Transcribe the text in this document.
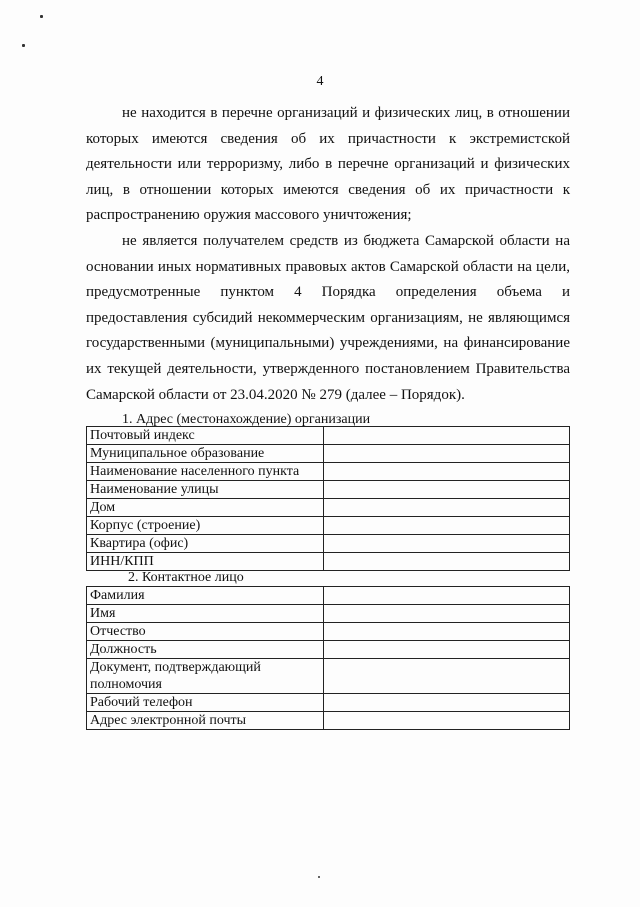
4

не находится в перечне организаций и физических лиц, в отношении которых имеются сведения об их причастности к экстремистской деятельности или терроризму, либо в перечне организаций и физических лиц, в отношении которых имеются сведения об их причастности к распространению оружия массового уничтожения;

не является получателем средств из бюджета Самарской области на основании иных нормативных правовых актов Самарской области на цели, предусмотренные пунктом 4 Порядка определения объема и предоставления субсидий некоммерческим организациям, не являющимся государственными (муниципальными) учреждениями, на финансирование их текущей деятельности, утвержденного постановлением Правительства Самарской области от 23.04.2020 № 279 (далее – Порядок).

1. Адрес (местонахождение) организации
Почтовый индекс	
Муниципальное образование	
Наименование населенного пункта	
Наименование улицы	
Дом	
Корпус (строение)	
Квартира (офис)	
ИНН/КПП	
2. Контактное лицо
Фамилия	
Имя	
Отчество	
Должность	
Документ, подтверждающий полномочия	
Рабочий телефон	
Адрес электронной почты	
